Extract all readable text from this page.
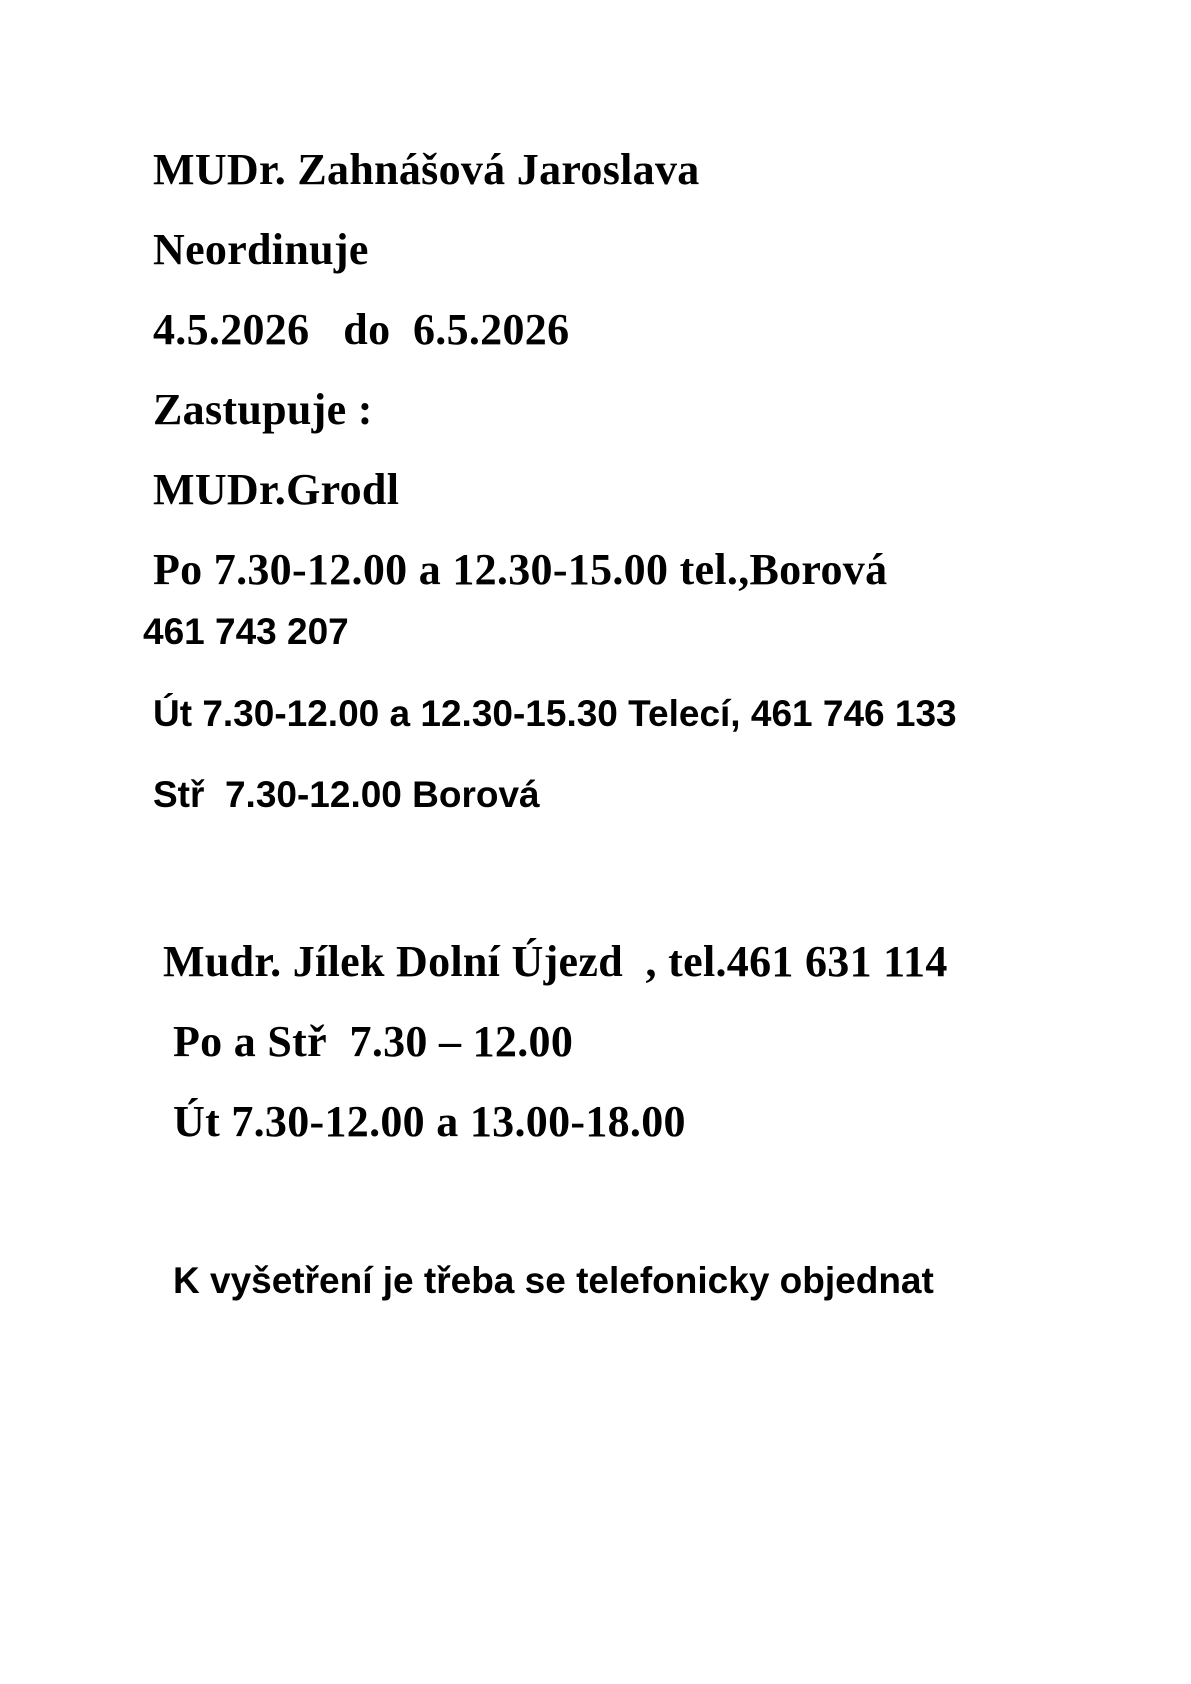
MUDr. Zahnášová Jaroslava
Neordinuje
4.5.2026   do  6.5.2026
Zastupuje :
MUDr.Grodl
Po 7.30-12.00 a 12.30-15.00 tel.,Borová
461 743 207
Út 7.30-12.00 a 12.30-15.30 Telecí, 461 746 133
Stř  7.30-12.00 Borová
Mudr. Jílek Dolní Újezd  , tel.461 631 114
Po a Stř  7.30 – 12.00
Út 7.30-12.00 a 13.00-18.00
K vyšetření je třeba se telefonicky objednat
